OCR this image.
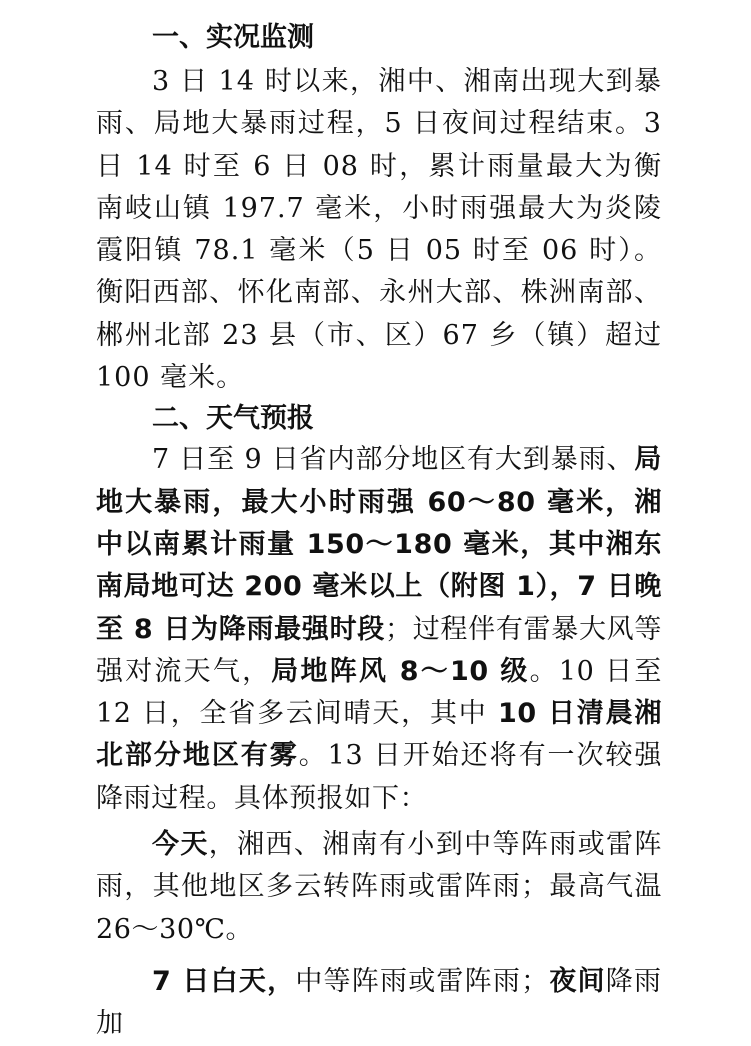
一、实况监测

3 日 14 时以来，湘中、湘南出现大到暴雨、局地大暴雨过程，5 日夜间过程结束。3 日 14 时至 6 日 08 时，累计雨量最大为衡南岐山镇 197.7 毫米，小时雨强最大为炎陵霞阳镇 78.1 毫米（5 日 05 时至 06 时）。衡阳西部、怀化南部、永州大部、株洲南部、郴州北部 23 县（市、区）67 乡（镇）超过 100 毫米。

二、天气预报

7 日至 9 日省内部分地区有大到暴雨、局地大暴雨，最大小时雨强 60～80 毫米，湘中以南累计雨量 150～180 毫米，其中湘东南局地可达 200 毫米以上（附图 1），7 日晚至 8 日为降雨最强时段；过程伴有雷暴大风等强对流天气，局地阵风 8～10 级。10 日至 12 日，全省多云间晴天，其中 10 日清晨湘北部分地区有雾。13 日开始还将有一次较强降雨过程。具体预报如下：

今天，湘西、湘南有小到中等阵雨或雷阵雨，其他地区多云转阵雨或雷阵雨；最高气温 26～30℃。

7 日白天，中等阵雨或雷阵雨；夜间降雨加
